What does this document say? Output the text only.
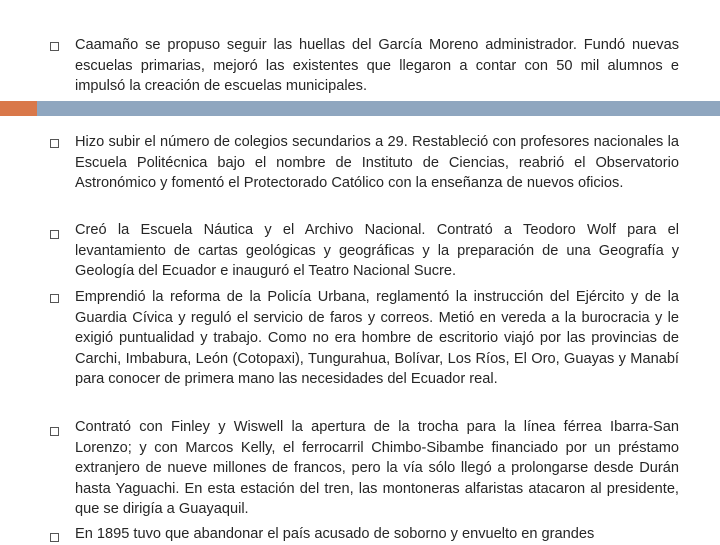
Caamaño se propuso seguir las huellas del García Moreno administrador. Fundó nuevas escuelas primarias, mejoró las existentes que llegaron a contar con 50 mil alumnos e impulsó la creación de escuelas municipales.

Hizo subir el número de colegios secundarios a 29. Restableció con profesores nacionales la Escuela Politécnica bajo el nombre de Instituto de Ciencias, reabrió el Observatorio Astronómico y fomentó el Protectorado Católico con la enseñanza de nuevos oficios.

Creó la Escuela Náutica y el Archivo Nacional. Contrató a Teodoro Wolf para el levantamiento de cartas geológicas y geográficas y la preparación de una Geografía y Geología del Ecuador e inauguró el Teatro Nacional Sucre.

Emprendió la reforma de la Policía Urbana, reglamentó la instrucción del Ejército y de la Guardia Cívica y reguló el servicio de faros y correos. Metió en vereda a la burocracia y le exigió puntualidad y trabajo. Como no era hombre de escritorio viajó por las provincias de Carchi, Imbabura, León (Cotopaxi), Tungurahua, Bolívar, Los Ríos, El Oro, Guayas y Manabí para conocer de primera mano las necesidades del Ecuador real.

Contrató con Finley y Wiswell la apertura de la trocha para la línea férrea Ibarra-San Lorenzo; y con Marcos Kelly, el ferrocarril Chimbo-Sibambe financiado por un préstamo extranjero de nueve millones de francos, pero la vía sólo llegó a prolongarse desde Durán hasta Yaguachi. En esta estación del tren, las montoneras alfaristas atacaron al presidente, que se dirigía a Guayaquil.

En 1895 tuvo que abandonar el país acusado de soborno y envuelto en grandes
